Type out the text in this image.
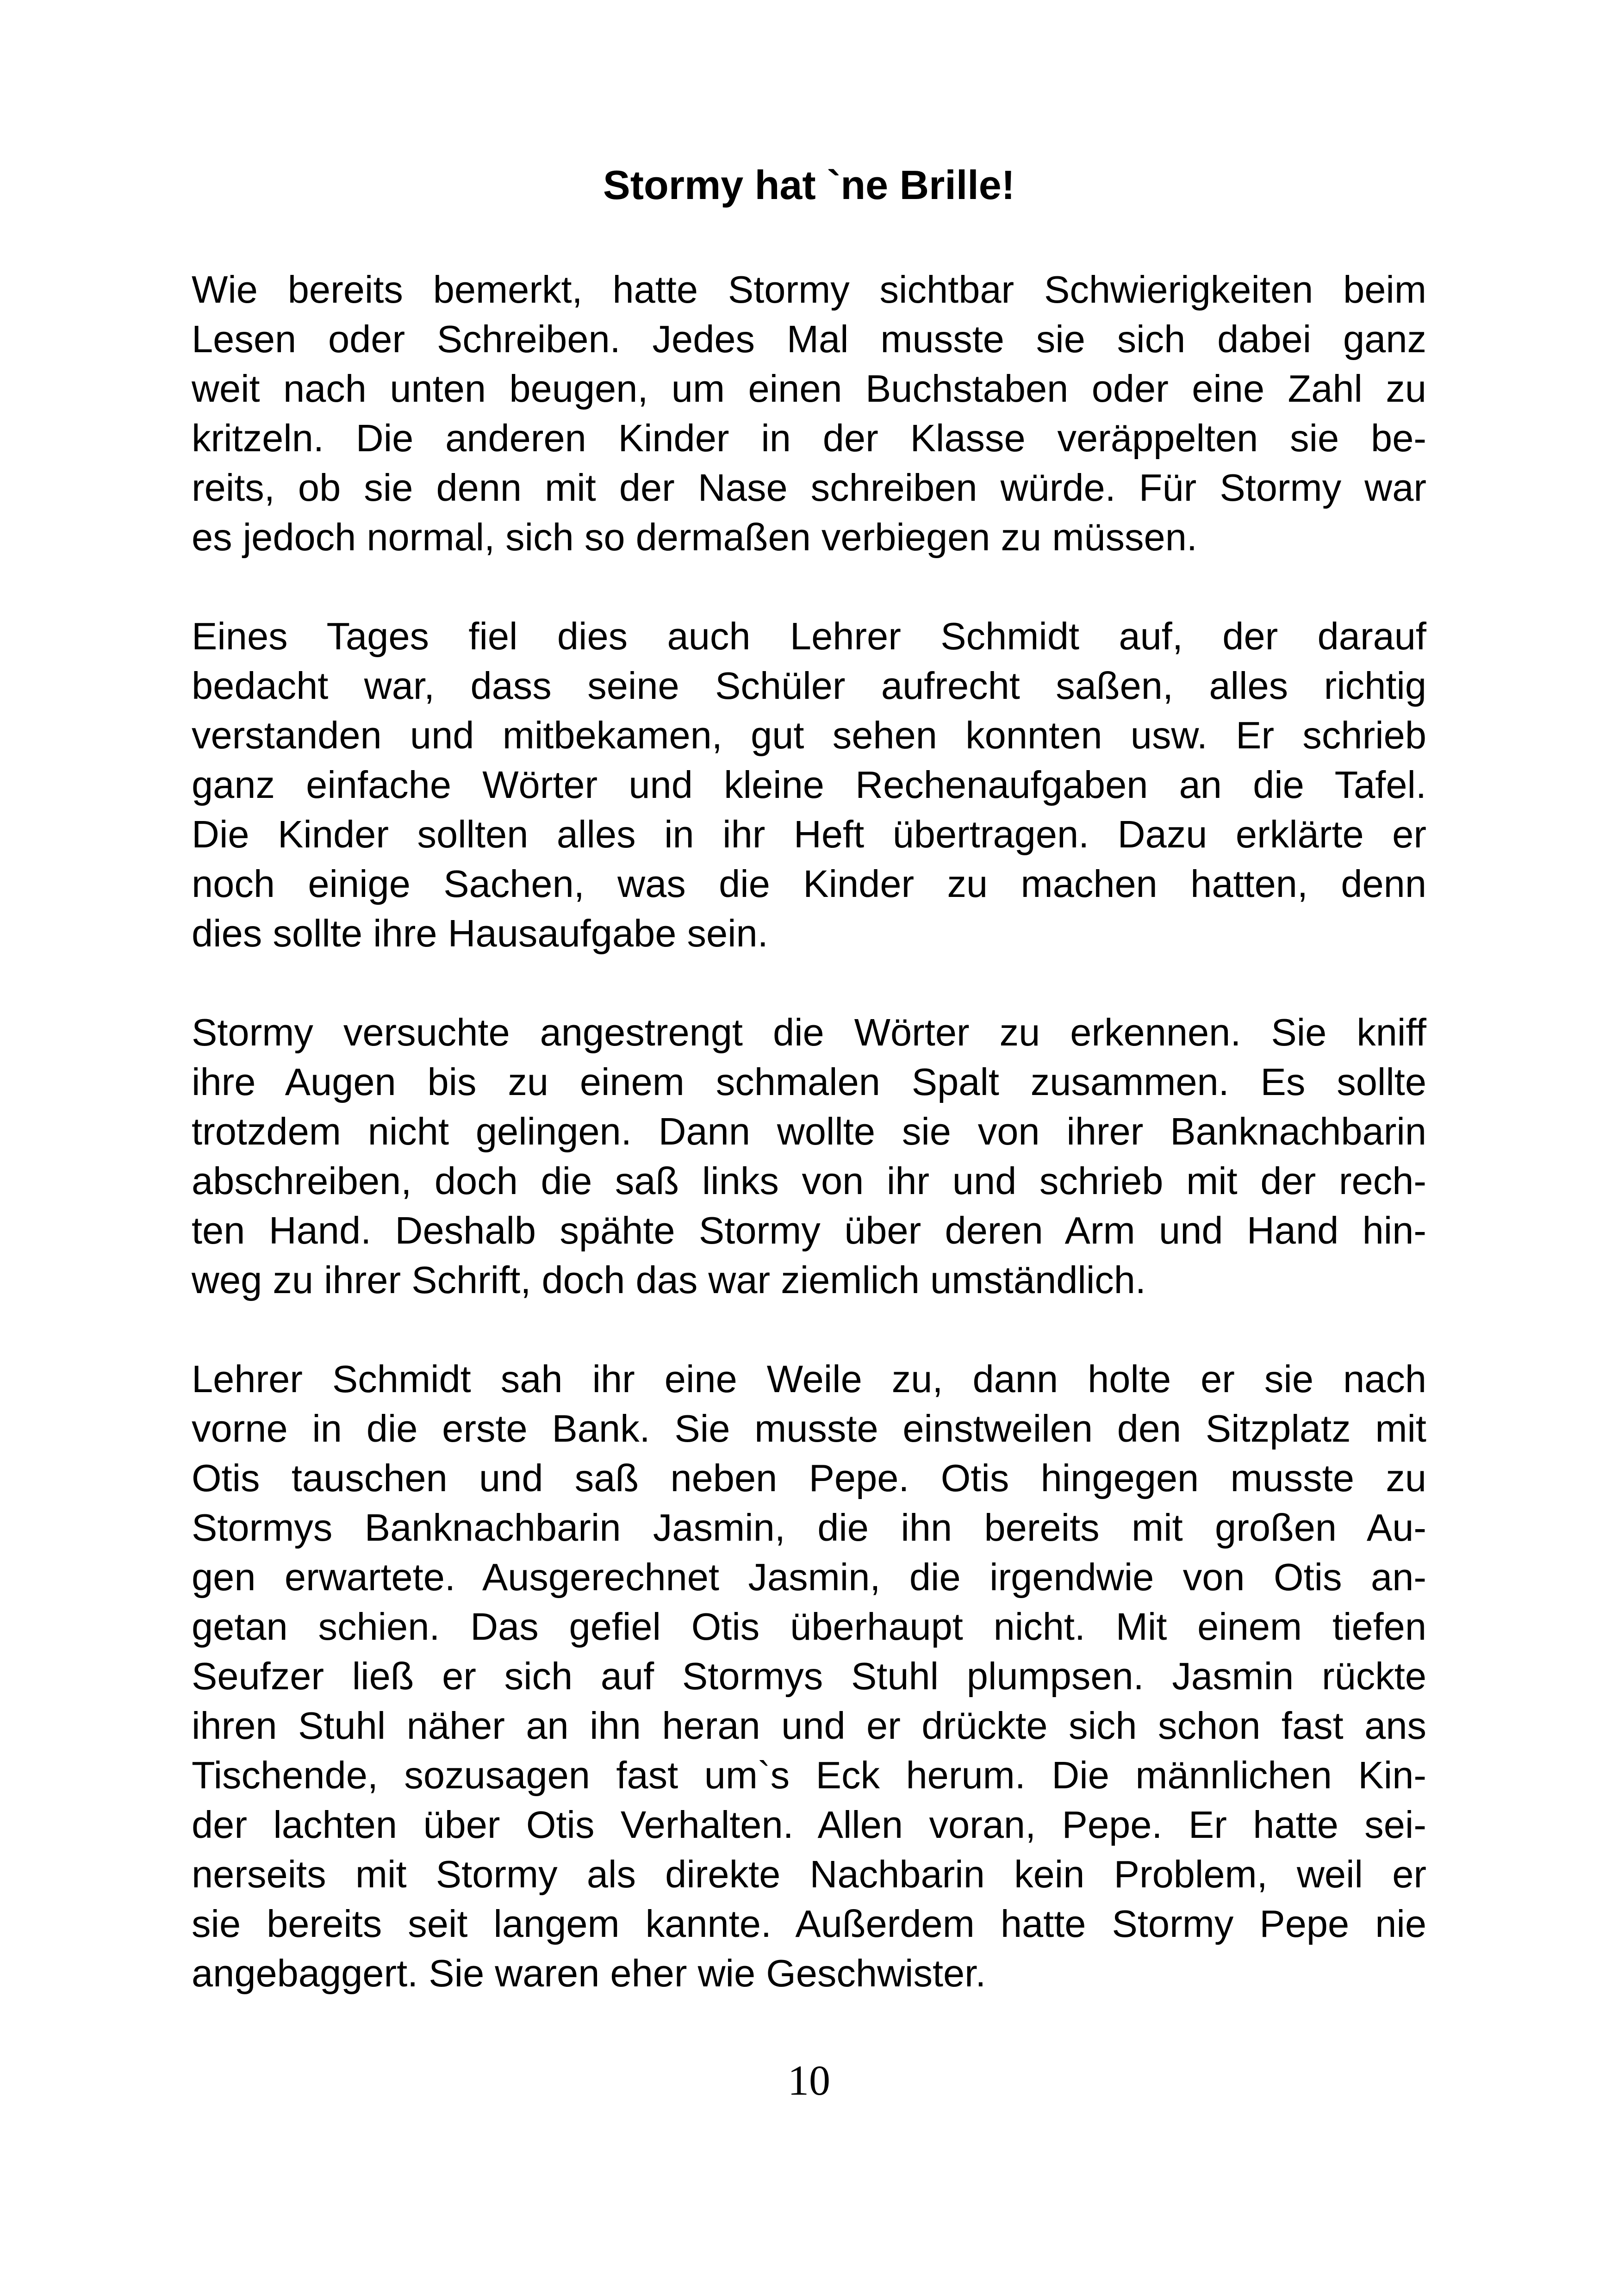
Stormy hat `ne Brille!
Wie bereits bemerkt, hatte Stormy sichtbar Schwierigkeiten beim
Lesen oder Schreiben. Jedes Mal musste sie sich dabei ganz
weit nach unten beugen, um einen Buchstaben oder eine Zahl zu
kritzeln. Die anderen Kinder in der Klasse veräppelten sie be-
reits, ob sie denn mit der Nase schreiben würde. Für Stormy war
es jedoch normal, sich so dermaßen verbiegen zu müssen.
Eines Tages fiel dies auch Lehrer Schmidt auf, der darauf
bedacht war, dass seine Schüler aufrecht saßen, alles richtig
verstanden und mitbekamen, gut sehen konnten usw. Er schrieb
ganz einfache Wörter und kleine Rechenaufgaben an die Tafel.
Die Kinder sollten alles in ihr Heft übertragen. Dazu erklärte er
noch einige Sachen, was die Kinder zu machen hatten, denn
dies sollte ihre Hausaufgabe sein.
Stormy versuchte angestrengt die Wörter zu erkennen. Sie kniff
ihre Augen bis zu einem schmalen Spalt zusammen. Es sollte
trotzdem nicht gelingen. Dann wollte sie von ihrer Banknachbarin
abschreiben, doch die saß links von ihr und schrieb mit der rech-
ten Hand. Deshalb spähte Stormy über deren Arm und Hand hin-
weg zu ihrer Schrift, doch das war ziemlich umständlich.
Lehrer Schmidt sah ihr eine Weile zu, dann holte er sie nach
vorne in die erste Bank. Sie musste einstweilen den Sitzplatz mit
Otis tauschen und saß neben Pepe. Otis hingegen musste zu
Stormys Banknachbarin Jasmin, die ihn bereits mit großen Au-
gen erwartete. Ausgerechnet Jasmin, die irgendwie von Otis an-
getan schien. Das gefiel Otis überhaupt nicht. Mit einem tiefen
Seufzer ließ er sich auf Stormys Stuhl plumpsen. Jasmin rückte
ihren Stuhl näher an ihn heran und er drückte sich schon fast ans
Tischende, sozusagen fast um`s Eck herum. Die männlichen Kin-
der lachten über Otis Verhalten. Allen voran, Pepe. Er hatte sei-
nerseits mit Stormy als direkte Nachbarin kein Problem, weil er
sie bereits seit langem kannte. Außerdem hatte Stormy Pepe nie
angebaggert. Sie waren eher wie Geschwister.
10
